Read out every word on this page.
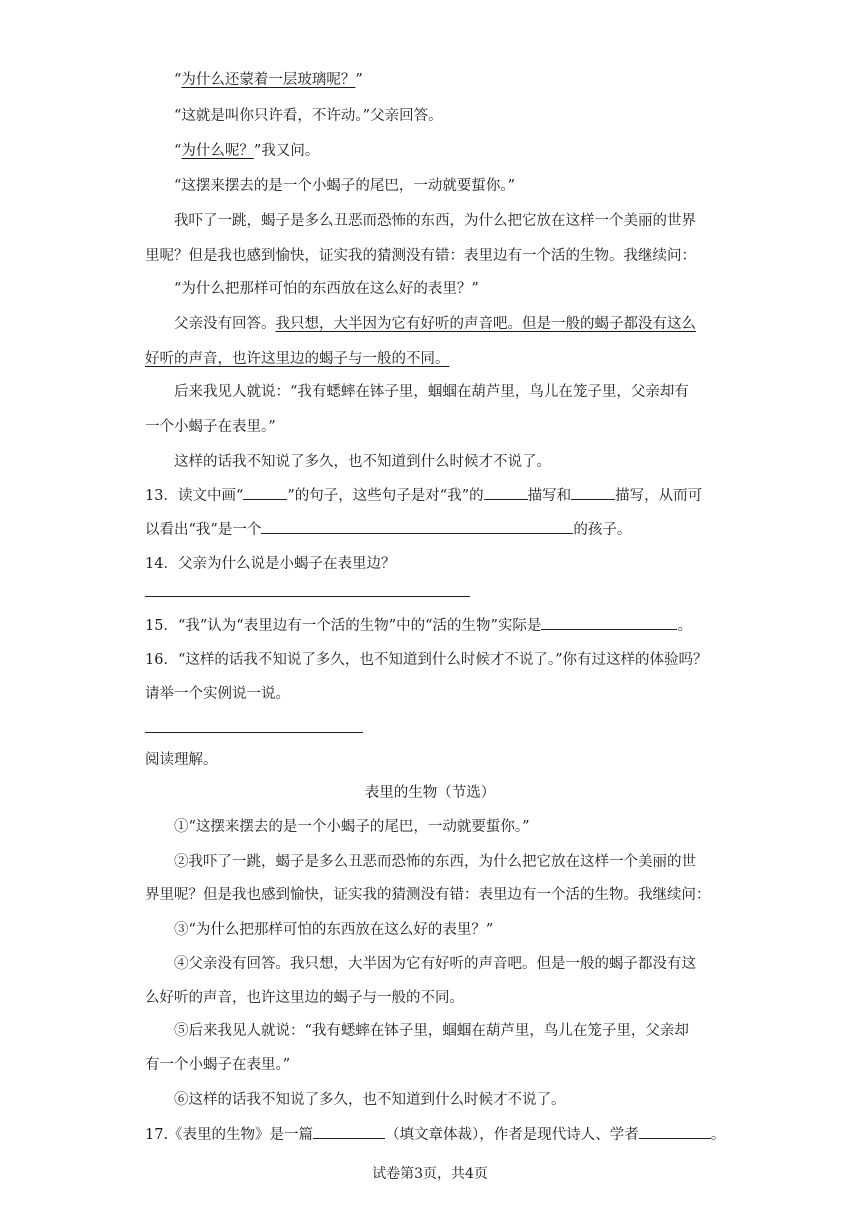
“为什么还蒙着一层玻璃呢？”
“这就是叫你只许看，不许动。”父亲回答。
“为什么呢？”我又问。
“这摆来摆去的是一个小蝎子的尾巴，一动就要蜇你。”
我吓了一跳，蝎子是多么丑恶而恐怖的东西，为什么把它放在这样一个美丽的世界
里呢？但是我也感到愉快，证实我的猜测没有错：表里边有一个活的生物。我继续问：
“为什么把那样可怕的东西放在这么好的表里？”
父亲没有回答。我只想，大半因为它有好听的声音吧。但是一般的蝎子都没有这么
好听的声音，也许这里边的蝎子与一般的不同。
后来我见人就说：“我有蟋蟀在钵子里，蝈蝈在葫芦里，鸟儿在笼子里，父亲却有
一个小蝎子在表里。”
这样的话我不知说了多久，也不知道到什么时候才不说了。
13．读文中画“	”的句子，这些句子是对“我”的	描写和	描写，从而可
以看出“我”是一个	的孩子。
14．父亲为什么说是小蝎子在表里边？
15．“我”认为“表里边有一个活的生物”中的“活的生物”实际是	。
16．“这样的话我不知说了多久，也不知道到什么时候才不说了。”你有过这样的体验吗？
请举一个实例说一说。
阅读理解。
表里的生物（节选）
①“这摆来摆去的是一个小蝎子的尾巴，一动就要蜇你。”
②我吓了一跳，蝎子是多么丑恶而恐怖的东西，为什么把它放在这样一个美丽的世
界里呢？但是我也感到愉快，证实我的猜测没有错：表里边有一个活的生物。我继续问：
③“为什么把那样可怕的东西放在这么好的表里？”
④父亲没有回答。我只想，大半因为它有好听的声音吧。但是一般的蝎子都没有这
么好听的声音，也许这里边的蝎子与一般的不同。
⑤后来我见人就说：“我有蟋蟀在钵子里，蝈蝈在葫芦里，鸟儿在笼子里，父亲却
有一个小蝎子在表里。”
⑥这样的话我不知说了多久，也不知道到什么时候才不说了。
17.《表里的生物》是一篇	（填文章体裁），作者是现代诗人、学者	。
试卷第3页，共4页
